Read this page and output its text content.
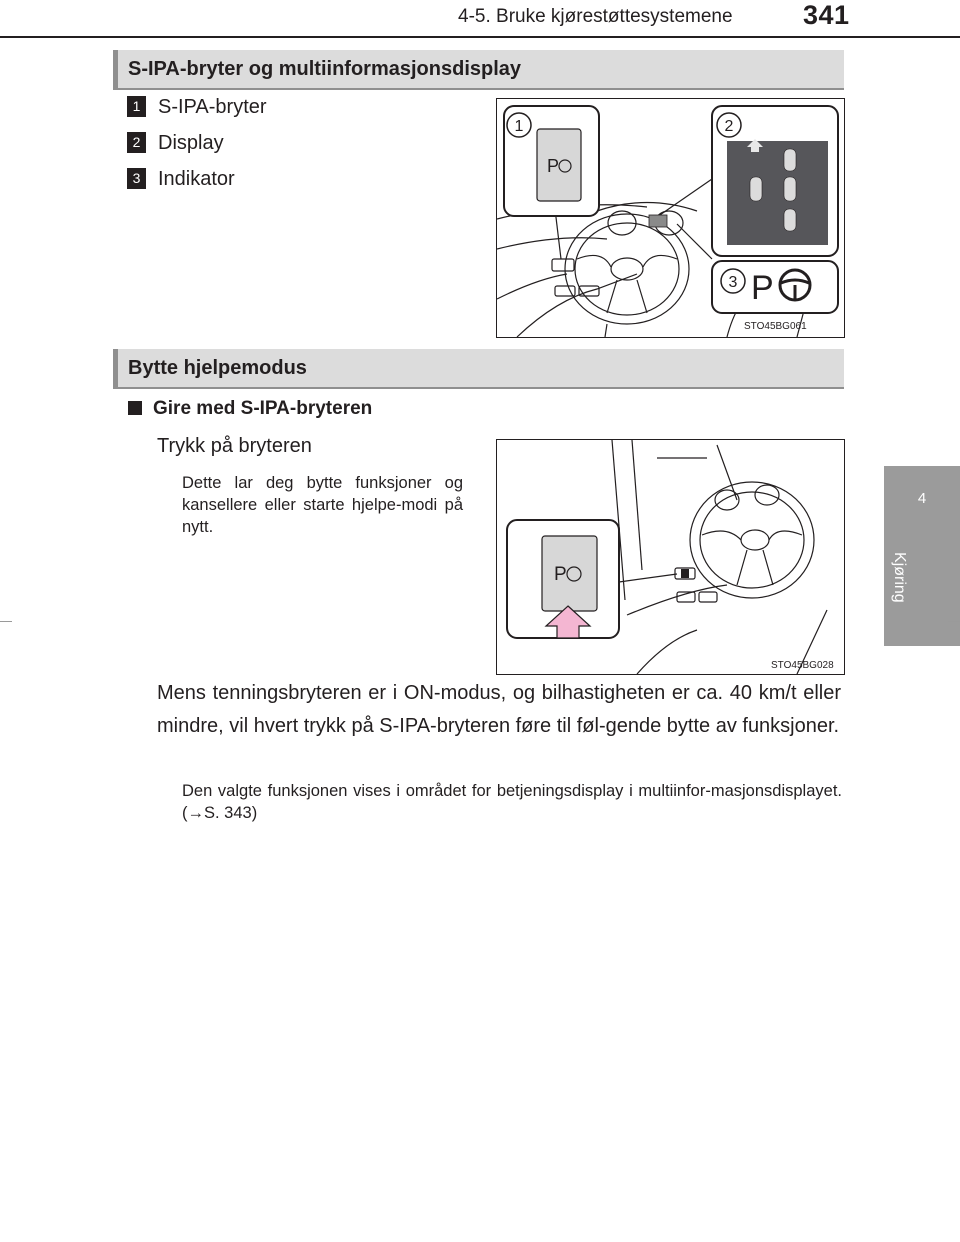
4-5. Bruke kjørestøttesystemene	341
4
Kjøring
S-IPA-bryter og multiinformasjonsdisplay
1 S-IPA-bryter
2 Display
3 Indikator
1
P
2
3 P
STO45BG061
Bytte hjelpemodus
Gire med S-IPA-bryteren
Trykk på bryteren
Dette lar deg bytte funksjoner og kansellere eller starte hjelpe-modi på nytt.
P
STO45BG028
Mens tenningsbryteren er i ON-modus, og bilhastigheten er ca. 40 km/t eller mindre, vil hvert trykk på S-IPA-bryteren føre til føl-gende bytte av funksjoner.
Den valgte funksjonen vises i området for betjeningsdisplay i multiinfor-masjonsdisplayet. (→S. 343)
